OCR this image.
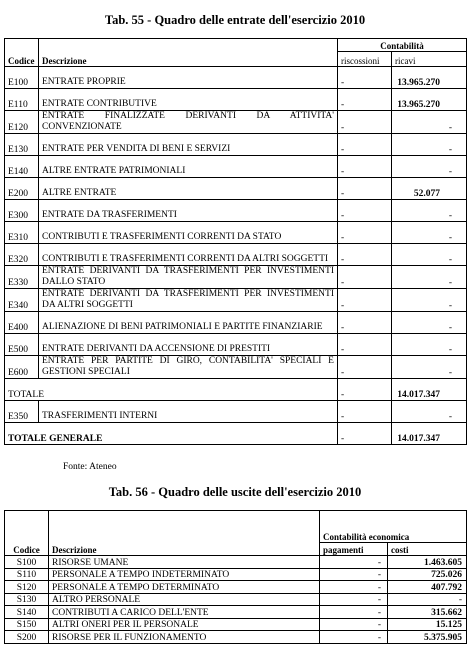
Tab. 55 - Quadro delle entrate dell'esercizio 2010
		Contabilità	
Codice	Descrizione	riscossioni	ricavi
E100	ENTRATE PROPRIE	-	13.965.270
E110	ENTRATE CONTRIBUTIVE	-	13.965.270
E120	ENTRATE FINALIZZATE DERIVANTI DA ATTIVITA' CONVENZIONATE	-	-
E130	ENTRATE PER VENDITA DI BENI E SERVIZI	-	-
E140	ALTRE ENTRATE PATRIMONIALI	-	-
E200	ALTRE ENTRATE	-	52.077
E300	ENTRATE DA TRASFERIMENTI	-	-
E310	CONTRIBUTI E TRASFERIMENTI CORRENTI DA STATO	-	-
E320	CONTRIBUTI E TRASFERIMENTI CORRENTI DA ALTRI SOGGETTI	-	-
E330	ENTRATE DERIVANTI DA TRASFERIMENTI PER INVESTIMENTI DALLO STATO	-	-
E340	ENTRATE DERIVANTI DA TRASFERIMENTI PER INVESTIMENTI DA ALTRI SOGGETTI	-	-
E400	ALIENAZIONE DI BENI PATRIMONIALI E PARTITE FINANZIARIE	-	-
E500	ENTRATE DERIVANTI DA ACCENSIONE DI PRESTITI	-	-
E600	ENTRATE PER PARTITE DI GIRO, CONTABILITA' SPECIALI E GESTIONI SPECIALI	-	-
TOTALE		-	14.017.347
E350	TRASFERIMENTI INTERNI	-	-
TOTALE GENERALE		-	14.017.347
Fonte: Ateneo
Tab. 56 - Quadro delle uscite dell'esercizio 2010
		Contabilità economica	
Codice	Descrizione	pagamenti	costi
S100	RISORSE UMANE	-	1.463.605
S110	PERSONALE A TEMPO INDETERMINATO	-	725.026
S120	PERSONALE A TEMPO DETERMINATO	-	407.792
S130	ALTRO PERSONALE	-	-
S140	CONTRIBUTI A CARICO DELL'ENTE	-	315.662
S150	ALTRI ONERI PER IL PERSONALE	-	15.125
S200	RISORSE PER IL FUNZIONAMENTO	-	5.375.905
